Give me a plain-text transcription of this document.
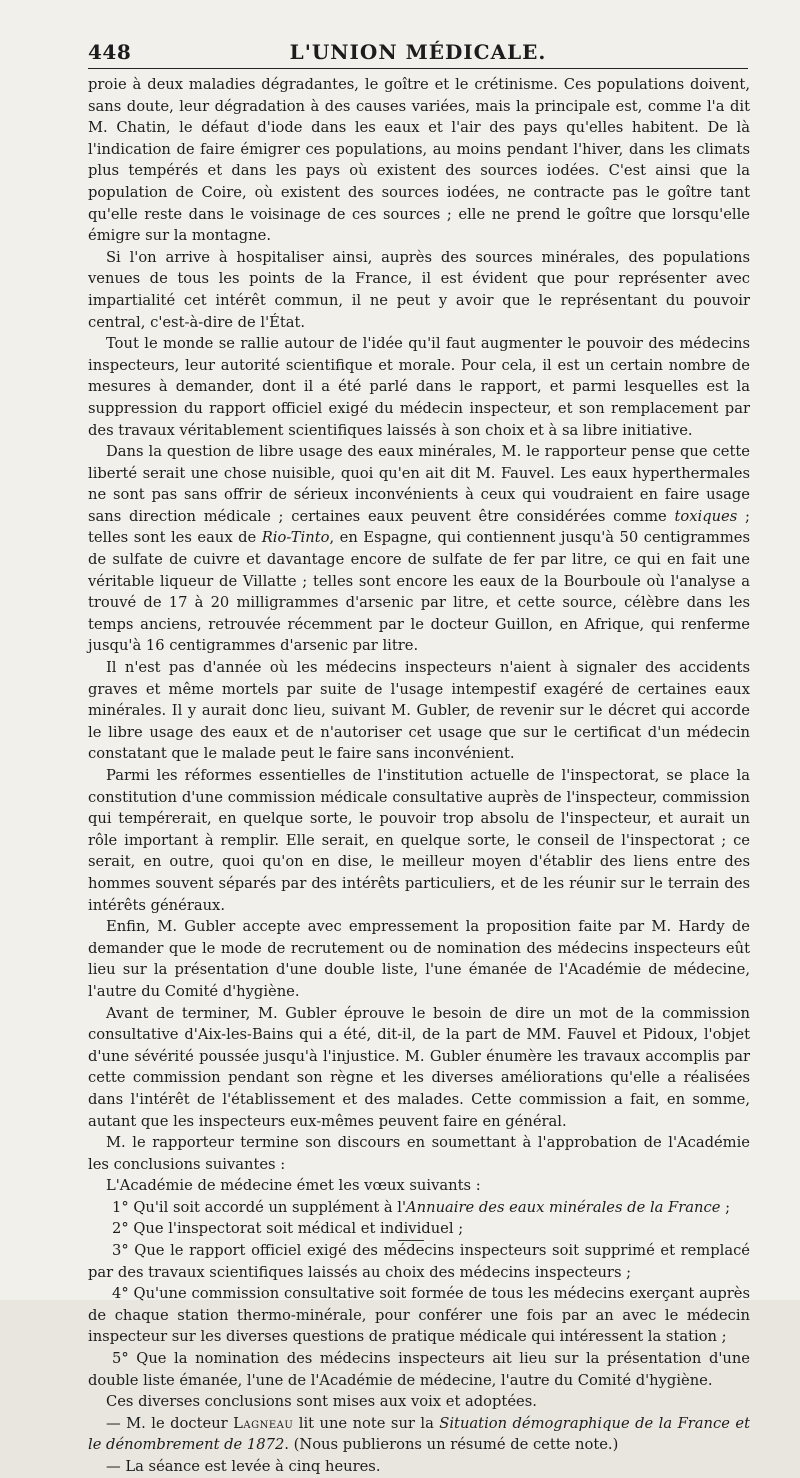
448	L'UNION MÉDICALE.

proie à deux maladies dégradantes, le goître et le crétinisme. Ces populations doivent, sans doute, leur dégradation à des causes variées, mais la principale est, comme l'a dit M. Chatin, le défaut d'iode dans les eaux et l'air des pays qu'elles habitent. De là l'indication de faire émigrer ces populations, au moins pendant l'hiver, dans les climats plus tempérés et dans les pays où existent des sources iodées. C'est ainsi que la population de Coire, où existent des sources iodées, ne contracte pas le goître tant qu'elle reste dans le voisinage de ces sources ; elle ne prend le goître que lorsqu'elle émigre sur la montagne.

Si l'on arrive à hospitaliser ainsi, auprès des sources minérales, des populations venues de tous les points de la France, il est évident que pour représenter avec impartialité cet intérêt commun, il ne peut y avoir que le représentant du pouvoir central, c'est-à-dire de l'État.

Tout le monde se rallie autour de l'idée qu'il faut augmenter le pouvoir des médecins inspecteurs, leur autorité scientifique et morale. Pour cela, il est un certain nombre de mesures à demander, dont il a été parlé dans le rapport, et parmi lesquelles est la suppression du rapport officiel exigé du médecin inspecteur, et son remplacement par des travaux véritablement scientifiques laissés à son choix et à sa libre initiative.

Dans la question de libre usage des eaux minérales, M. le rapporteur pense que cette liberté serait une chose nuisible, quoi qu'en ait dit M. Fauvel. Les eaux hyperthermales ne sont pas sans offrir de sérieux inconvénients à ceux qui voudraient en faire usage sans direction médicale ; certaines eaux peuvent être considérées comme toxiques ; telles sont les eaux de Rio-Tinto, en Espagne, qui contiennent jusqu'à 50 centigrammes de sulfate de cuivre et davantage encore de sulfate de fer par litre, ce qui en fait une véritable liqueur de Villatte ; telles sont encore les eaux de la Bourboule où l'analyse a trouvé de 17 à 20 milligrammes d'arsenic par litre, et cette source, célèbre dans les temps anciens, retrouvée récemment par le docteur Guillon, en Afrique, qui renferme jusqu'à 16 centigrammes d'arsenic par litre.

Il n'est pas d'année où les médecins inspecteurs n'aient à signaler des accidents graves et même mortels par suite de l'usage intempestif exagéré de certaines eaux minérales. Il y aurait donc lieu, suivant M. Gubler, de revenir sur le décret qui accorde le libre usage des eaux et de n'autoriser cet usage que sur le certificat d'un médecin constatant que le malade peut le faire sans inconvénient.

Parmi les réformes essentielles de l'institution actuelle de l'inspectorat, se place la constitution d'une commission médicale consultative auprès de l'inspecteur, commission qui tempérerait, en quelque sorte, le pouvoir trop absolu de l'inspecteur, et aurait un rôle important à remplir. Elle serait, en quelque sorte, le conseil de l'inspectorat ; ce serait, en outre, quoi qu'on en dise, le meilleur moyen d'établir des liens entre des hommes souvent séparés par des intérêts particuliers, et de les réunir sur le terrain des intérêts généraux.

Enfin, M. Gubler accepte avec empressement la proposition faite par M. Hardy de demander que le mode de recrutement ou de nomination des médecins inspecteurs eût lieu sur la présentation d'une double liste, l'une émanée de l'Académie de médecine, l'autre du Comité d'hygiène.

Avant de terminer, M. Gubler éprouve le besoin de dire un mot de la commission consultative d'Aix-les-Bains qui a été, dit-il, de la part de MM. Fauvel et Pidoux, l'objet d'une sévérité poussée jusqu'à l'injustice. M. Gubler énumère les travaux accomplis par cette commission pendant son règne et les diverses améliorations qu'elle a réalisées dans l'intérêt de l'établissement et des malades. Cette commission a fait, en somme, autant que les inspecteurs eux-mêmes peuvent faire en général.

M. le rapporteur termine son discours en soumettant à l'approbation de l'Académie les conclusions suivantes :

L'Académie de médecine émet les vœux suivants :

1° Qu'il soit accordé un supplément à l'Annuaire des eaux minérales de la France ;

2° Que l'inspectorat soit médical et individuel ;

3° Que le rapport officiel exigé des médecins inspecteurs soit supprimé et remplacé par des travaux scientifiques laissés au choix des médecins inspecteurs ;

4° Qu'une commission consultative soit formée de tous les médecins exerçant auprès de chaque station thermo-minérale, pour conférer une fois par an avec le médecin inspecteur sur les diverses questions de pratique médicale qui intéressent la station ;

5° Que la nomination des médecins inspecteurs ait lieu sur la présentation d'une double liste émanée, l'une de l'Académie de médecine, l'autre du Comité d'hygiène.

Ces diverses conclusions sont mises aux voix et adoptées.

— M. le docteur Lagneau lit une note sur la Situation démographique de la France et le dénombrement de 1872. (Nous publierons un résumé de cette note.)

— La séance est levée à cinq heures.
